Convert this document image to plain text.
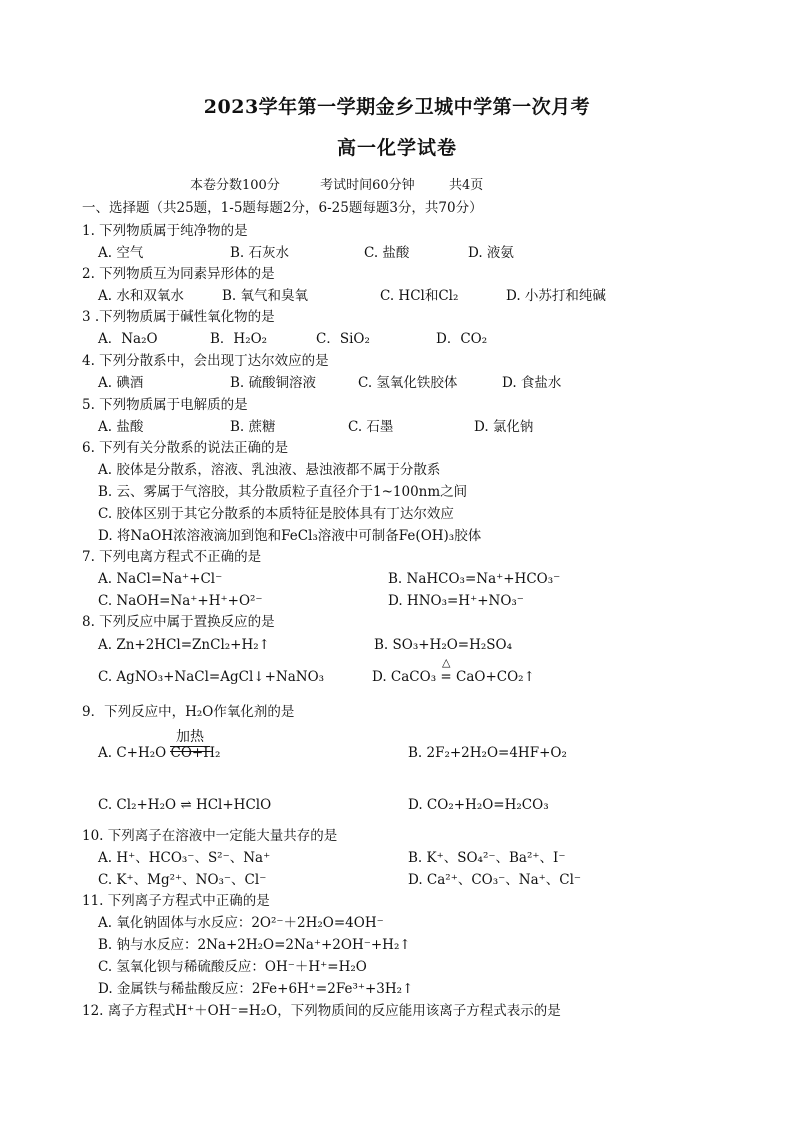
2023学年第一学期金乡卫城中学第一次月考
高一化学试卷
本卷分数100分	考试时间60分钟	共4页
一、选择题（共25题，1-5题每题2分，6-25题每题3分，共70分）
1. 下列物质属于纯净物的是
A. 空气	B. 石灰水	C. 盐酸	D. 液氨
2. 下列物质互为同素异形体的是
A. 水和双氧水	B. 氧气和臭氧	C. HCl和Cl₂	D. 小苏打和纯碱
3 .下列物质属于碱性氧化物的是
A．Na₂O	B．H₂O₂	C．SiO₂	D．CO₂
4. 下列分散系中，会出现丁达尔效应的是
A. 碘酒	B. 硫酸铜溶液	C. 氢氧化铁胶体	D. 食盐水
5. 下列物质属于电解质的是
A. 盐酸	B. 蔗糖	C. 石墨	D. 氯化钠
6. 下列有关分散系的说法正确的是
A. 胶体是分散系，溶液、乳浊液、悬浊液都不属于分散系
B. 云、雾属于气溶胶，其分散质粒子直径介于1~100nm之间
C. 胶体区别于其它分散系的本质特征是胶体具有丁达尔效应
D. 将NaOH浓溶液滴加到饱和FeCl₃溶液中可制备Fe(OH)₃胶体
7. 下列电离方程式不正确的是
A. NaCl=Na⁺+Cl⁻	B. NaHCO₃=Na⁺+HCO₃⁻
C. NaOH=Na⁺+H⁺+O²⁻	D. HNO₃=H⁺+NO₃⁻
8. 下列反应中属于置换反应的是
A. Zn+2HCl=ZnCl₂+H₂↑	B. SO₃+H₂O=H₂SO₄
C. AgNO₃+NaCl=AgCl↓+NaNO₃
△
D. CaCO₃ = CaO+CO₂↑
9．下列反应中，H₂O作氧化剂的是
加热
A. C+H₂O CO+H₂	B. 2F₂+2H₂O=4HF+O₂
C. Cl₂+H₂O ⇌ HCl+HClO	D. CO₂+H₂O=H₂CO₃
10. 下列离子在溶液中一定能大量共存的是
A. H⁺、HCO₃⁻、S²⁻、Na⁺	B. K⁺、SO₄²⁻、Ba²⁺、I⁻
C. K⁺、Mg²⁺、NO₃⁻、Cl⁻	D. Ca²⁺、CO₃⁻、Na⁺、Cl⁻
11. 下列离子方程式中正确的是
A. 氧化钠固体与水反应：2O²⁻＋2H₂O=4OH⁻
B. 钠与水反应：2Na+2H₂O=2Na⁺+2OH⁻+H₂↑
C. 氢氧化钡与稀硫酸反应：OH⁻＋H⁺=H₂O
D. 金属铁与稀盐酸反应：2Fe+6H⁺=2Fe³⁺+3H₂↑
12. 离子方程式H⁺＋OH⁻=H₂O，下列物质间的反应能用该离子方程式表示的是
